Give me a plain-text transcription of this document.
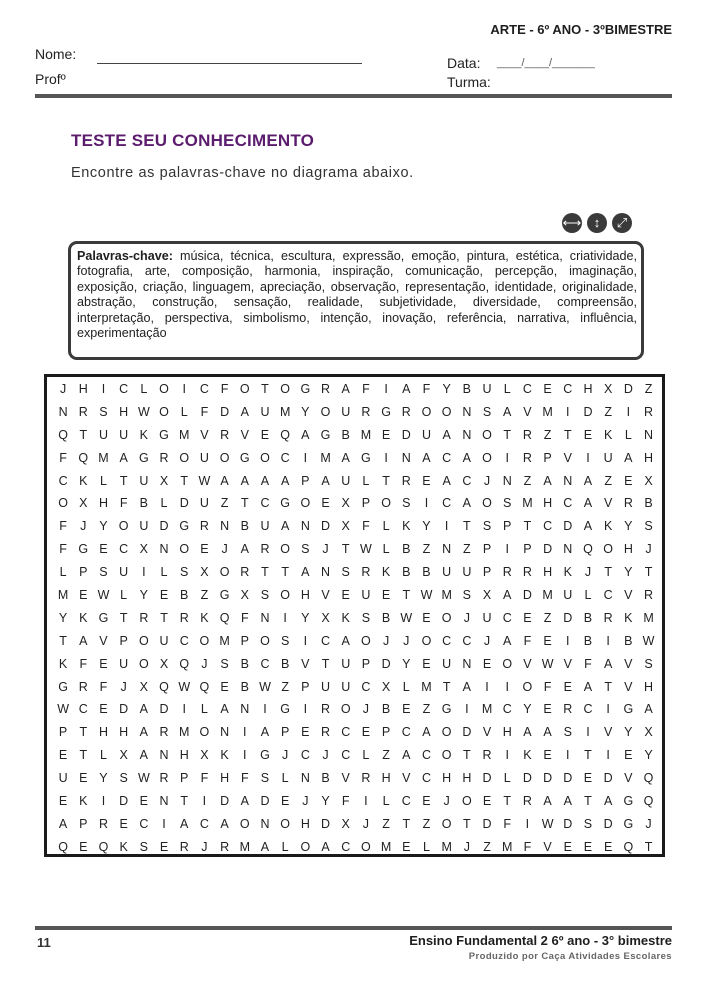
ARTE - 6º ANO - 3ºBIMESTRE
Nome:
Profº
Data: ____/____/_______
Turma:
TESTE SEU CONHECIMENTO
Encontre as palavras-chave no diagrama abaixo.
⟷ ↕	⤢
Palavras-chave: música, técnica, escultura, expressão, emoção, pintura, estética, criatividade, fotografia, arte, composição, harmonia, inspiração, comunicação, percepção, imaginação, exposição, criação, linguagem, apreciação, observação, representação, identidade, originalidade, abstração, construção, sensação, realidade, subjetividade, diversidade, compreensão, interpretação, perspectiva, simbolismo, intenção, inovação, referência, narrativa, influência, experimentação
J	H	I	C L O	I	C F O T O G R A F	I	A F Y B U L C E C H X D Z
N R S H W O L	F D A U M Y O U R G R O O N S A V M	I	D Z	I	R
Q T U U K G M V R V E Q A G B M E D U A N O T R Z	T E K	L N
F Q M A G R O U O G O C	I	M A G	I	N A C A O	I	R P V	I	U A H
C K	L	T U X T W A A A A P A U L	T R E A C	J	N Z A N A Z E X
O X H F B	L D U Z	T C G O E X P O S	I	C A O S M H C A V R B
F	J	Y O U D G R N B U A N D X F	L	K Y	I	T S P T C D A K Y S
F G E C X N O E	J	A R O S	J	T W L	B Z N Z P	I	P D N Q O H	J
L	P S U	I	L	S X O R T	T A N S R K B B U U P R R H K	J	T Y T
M E W L	Y E B Z G X S O H V E U E T W M S X A D M U L C V R
Y K G T R T R K Q F N	I	Y X K S B W E O J	U C E Z D B R K M
T A V P O U C O M P O S	I	C A O J	J O C C	J	A F E	I	B	I	B W
K F E U O X Q J	S B C B V T U P D Y E U N E O V W V F A V S
G R F	J	X Q W Q E B W Z P U U C X	L M T A	I	I	O F E A T V H
W C E D A D	I	L	A N	I	G	I	R O J	B E Z G	I	M C Y E R C	I	G A
P T H H A R M O N	I	A P E R C E P C A O D V H A A S	I	V Y X
E T	L	X A N H X K	I	G J	C	J	C L	Z A C O T R	I	K E	I	T	I	E Y
U E Y S W R P F H F S	L N B V R H V C H H D L D D D E D V Q
E K	I	D E N T	I	D A D E	J	Y F	I	L C E	J O E T R A A T A G Q
A P R E C	I	A C A O N O H D X	J	Z	T	Z O T D F	I	W D S D G J
Q E Q K S E R	J	R M A	L O A C O M E	L M J	Z M F V E E E Q T
11	Ensino Fundamental 2 6º ano - 3° bimestre
Produzido por Caça Atividades Escolares
